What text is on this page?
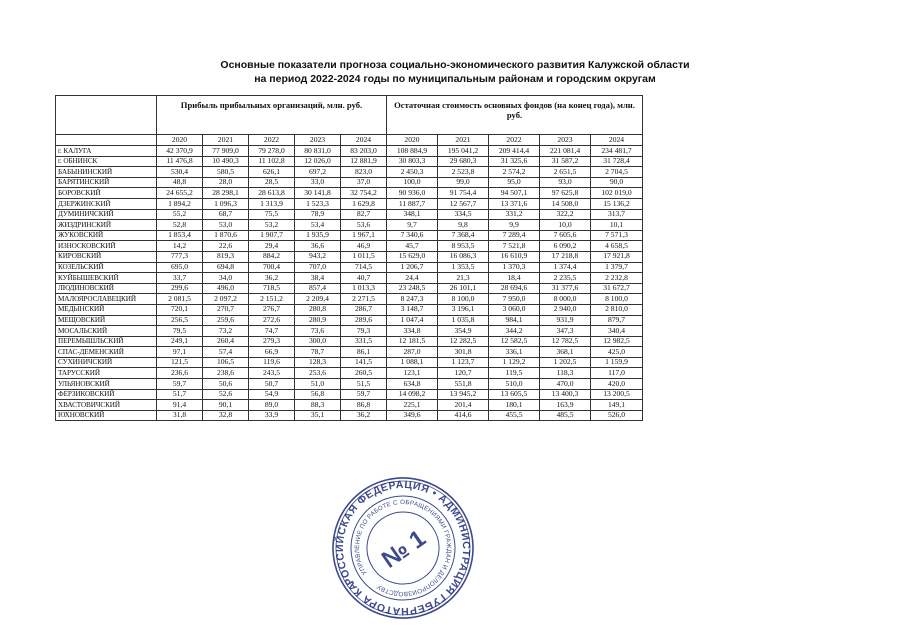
Основные показатели прогноза социально-экономического развития Калужской области
на период 2022-2024 годы по муниципальным районам и городским округам
	Прибыль прибыльных организаций, млн. руб.					Остаточная стоимость основных фондов (на конец года), млн. руб.				
	2020	2021	2022	2023	2024	2020	2021	2022	2023	2024
г. КАЛУГА	42 370,9	77 909,0	79 278,0	80 831,0	83 203,0	108 884,9	195 041,2	209 414,4	221 081,4	234 481,7
г. ОБНИНСК	11 476,8	10 490,3	11 102,8	12 026,0	12 881,9	30 803,3	29 680,3	31 325,6	31 587,2	31 728,4
БАБЫНИНСКИЙ	530,4	580,5	626,1	697,2	823,0	2 450,3	2 523,8	2 574,2	2 651,5	2 704,5
БАРЯТИНСКИЙ	48,8	28,0	28,5	33,0	37,0	100,0	99,0	95,0	93,0	90,0
БОРОВСКИЙ	24 655,2	28 298,1	28 613,8	30 141,8	32 754,2	90 936,0	91 754,4	94 507,1	97 625,8	102 019,0
ДЗЕРЖИНСКИЙ	1 894,2	1 096,3	1 313,9	1 523,3	1 629,8	11 887,7	12 567,7	13 371,6	14 508,0	15 136,2
ДУМИНИЧСКИЙ	55,2	68,7	75,5	78,9	82,7	348,1	334,5	331,2	322,2	313,7
ЖИЗДРИНСКИЙ	52,8	53,0	53,2	53,4	53,6	9,7	9,8	9,9	10,0	10,1
ЖУКОВСКИЙ	1 853,4	1 870,6	1 907,7	1 935,9	1 967,1	7 340,6	7 368,4	7 289,4	7 605,6	7 571,3
ИЗНОСКОВСКИЙ	14,2	22,6	29,4	36,6	46,9	45,7	8 953,5	7 521,8	6 090,2	4 658,5
КИРОВСКИЙ	777,3	819,3	884,2	943,2	1 011,5	15 629,0	16 086,3	16 610,9	17 218,8	17 921,8
КОЗЕЛЬСКИЙ	695,0	694,8	700,4	707,0	714,5	1 206,7	1 353,5	1 370,3	1 374,4	1 379,7
КУЙБЫШЕВСКИЙ	33,7	34,0	36,2	38,4	40,7	24,4	21,3	18,4	2 235,5	2 232,8
ЛЮДИНОВСКИЙ	299,6	496,0	718,5	857,4	1 013,3	23 248,5	26 101,1	28 694,6	31 377,6	31 672,7
МАЛОЯРОСЛАВЕЦКИЙ	2 081,5	2 097,2	2 151,2	2 209,4	2 271,5	8 247,3	8 100,0	7 950,0	8 000,0	8 100,0
МЕДЫНСКИЙ	720,1	270,7	276,7	280,8	286,7	3 148,7	3 196,1	3 060,0	2 940,0	2 810,0
МЕЩОВСКИЙ	256,5	259,6	272,6	280,9	289,6	1 047,4	1 035,8	984,1	931,9	879,7
МОСАЛЬСКИЙ	79,5	73,2	74,7	73,6	79,3	334,8	354,9	344,2	347,3	340,4
ПЕРЕМЫШЛЬСКИЙ	249,1	260,4	279,3	300,0	331,5	12 181,5	12 282,5	12 582,5	12 782,5	12 982,5
СПАС-ДЕМЕНСКИЙ	97,1	57,4	66,9	78,7	86,1	287,0	301,8	336,1	368,1	425,0
СУХИНИЧСКИЙ	121,5	106,5	119,6	128,3	141,5	1 088,1	1 123,7	1 129,2	1 202,5	1 159,9
ТАРУССКИЙ	236,6	238,6	243,5	253,6	260,5	123,1	120,7	119,5	118,3	117,0
УЛЬЯНОВСКИЙ	59,7	50,6	50,7	51,0	51,5	634,8	551,8	510,0	470,0	420,0
ФЕРЗИКОВСКИЙ	51,7	52,6	54,9	56,8	59,7	14 098,2	13 945,2	13 605,5	13 400,3	13 200,5
ХВАСТОВИЧСКИЙ	91,4	90,1	89,0	88,3	86,8	225,1	201,4	180,1	163,9	149,1
ЮХНОВСКИЙ	31,8	32,8	33,9	35,1	36,2	349,6	414,6	455,5	485,5	526,0
РОССИЙСКАЯ ФЕДЕРАЦИЯ • АДМИНИСТРАЦИЯ ГУБЕРНАТОРА КАЛУЖСКОЙ
УПРАВЛЕНИЕ ПО РАБОТЕ С ОБРАЩЕНИЯМИ ГРАЖДАН И ДЕЛОПРОИЗВОДСТВУ
№ 1
